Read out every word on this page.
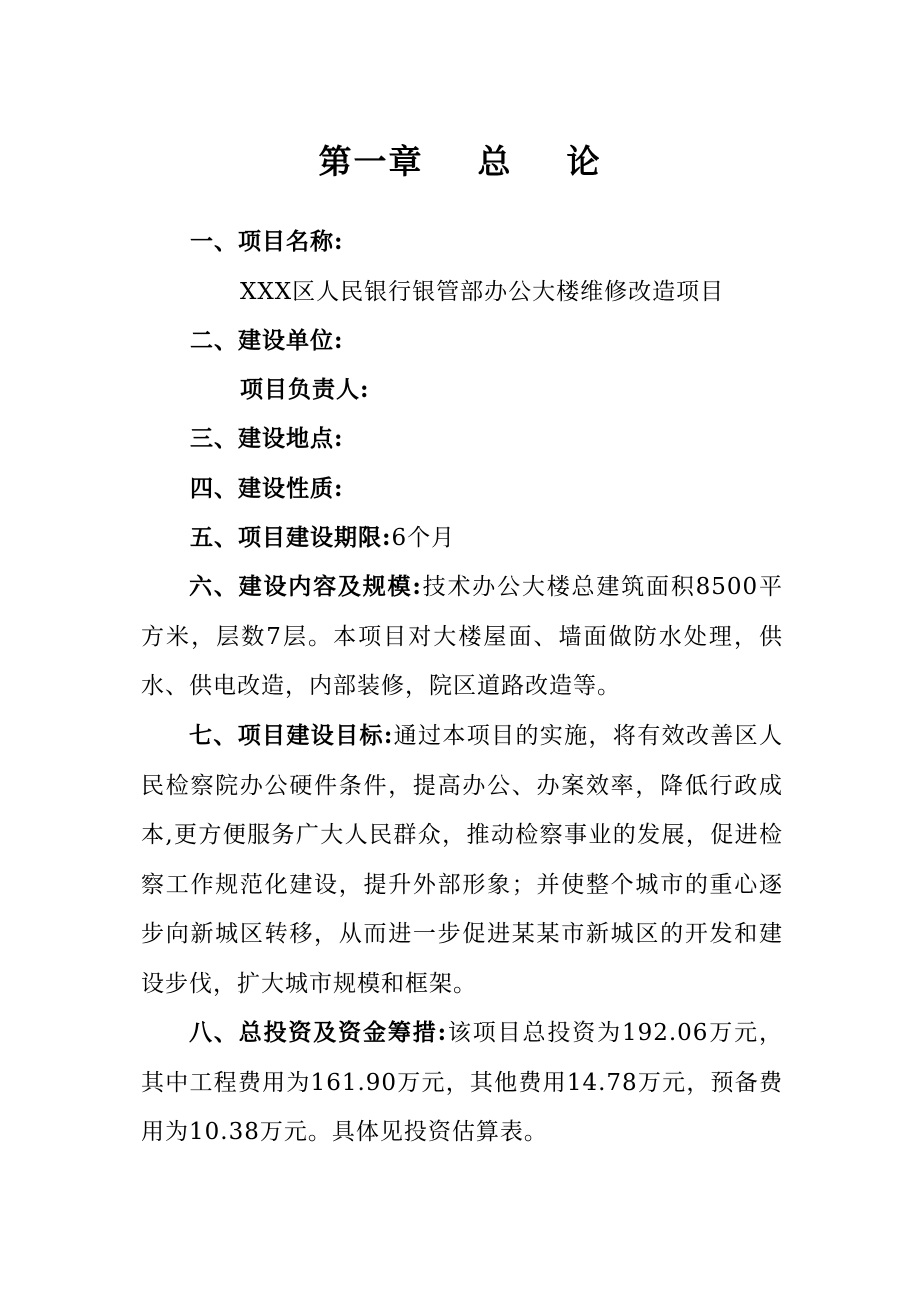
第一章    总    论
一、项目名称:
XXX区人民银行银管部办公大楼维修改造项目
二、建设单位:
项目负责人:
三、建设地点:
四、建设性质:
五、项目建设期限:6个月
六、建设内容及规模:技术办公大楼总建筑面积8500平方米，层数7层。本项目对大楼屋面、墙面做防水处理，供水、供电改造，内部装修，院区道路改造等。
七、项目建设目标:通过本项目的实施，将有效改善区人民检察院办公硬件条件，提高办公、办案效率，降低行政成本,更方便服务广大人民群众，推动检察事业的发展，促进检察工作规范化建设，提升外部形象；并使整个城市的重心逐步向新城区转移，从而进一步促进某某市新城区的开发和建设步伐，扩大城市规模和框架。
八、总投资及资金筹措:该项目总投资为192.06万元，其中工程费用为161.90万元，其他费用14.78万元，预备费用为10.38万元。具体见投资估算表。
